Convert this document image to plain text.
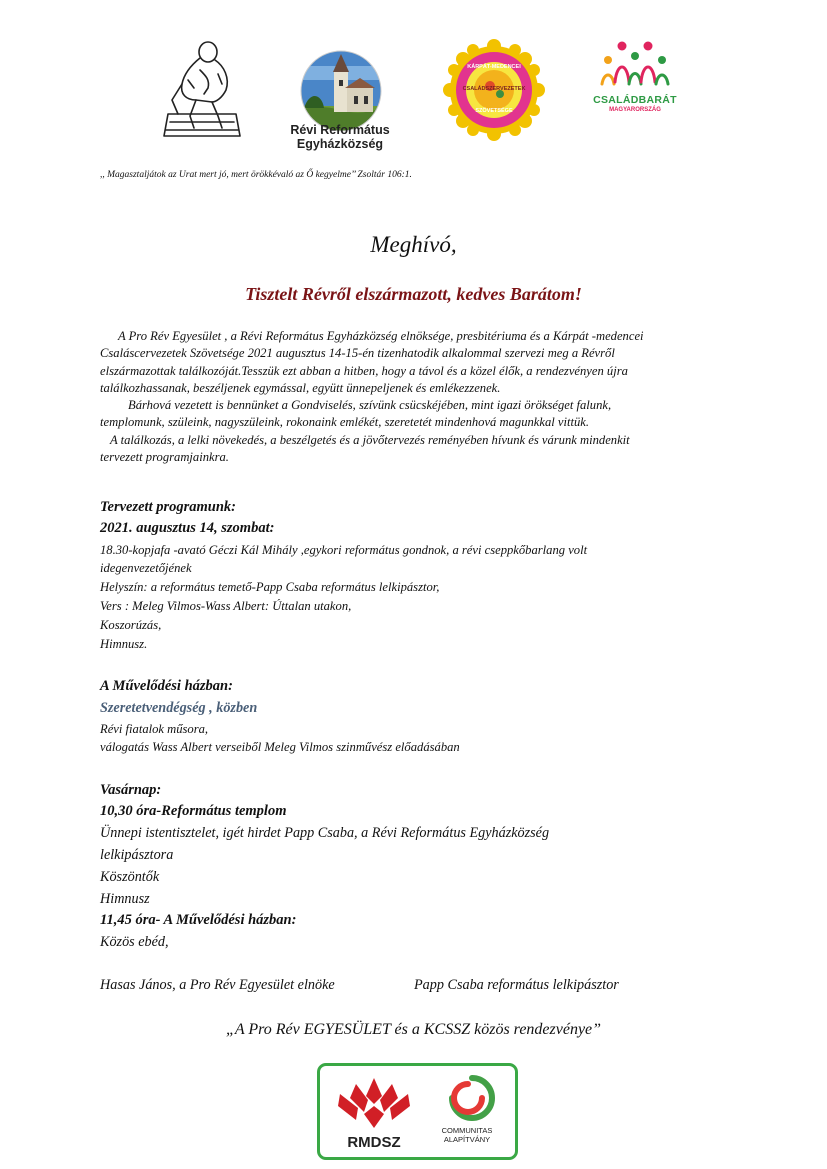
Révi Református
Egyházközség
KÁRPÁT-MEDENCEI
CSALÁDSZERVEZETEK
SZÖVETSÉGE
CSALÁDBARÁT
MAGYARORSZÁG
,, Magasztaljátok az Urat mert jó, mert örökkévaló az Ő kegyelme’’ Zsoltár 106:1.
Meghívó,
Tisztelt Révről elszármazott, kedves Barátom!

A Pro Rév Egyesület , a Révi Református Egyházközség elnöksége, presbitériuma és a Kárpát -medencei

Csaláscervezetek Szövetsége 2021 augusztus 14-15-én tizenhatodik alkalommal szervezi meg a Révről

elszármazottak találkozóját.Tesszük ezt abban a hitben, hogy a távol és a közel élők, a rendezvényen újra

találkozhassanak, beszéljenek egymással, együtt ünnepeljenek és emlékezzenek.

Bárhová vezetett is bennünket a Gondviselés, szívünk csücskéjében, mint igazi örökséget falunk,

templomunk, szüleink, nagyszüleink, rokonaink emlékét, szeretetét mindenhová magunkkal vittük.

A találkozás, a lelki növekedés, a beszélgetés és a jövőtervezés reményében hívunk és várunk mindenkit

tervezett programjainkra.

Tervezett programunk:
2021. augusztus 14, szombat:
18.30-kopjafa -avató Géczi Kál Mihály ,egykori református gondnok, a révi cseppkőbarlang volt
idegenvezetőjének
Helyszín: a református temető-Papp Csaba református lelkipásztor,
Vers : Meleg Vilmos-Wass Albert: Úttalan utakon,
Koszorúzás,
Himnusz.
A Művelődési házban:
Szeretetvendégség , közben
Révi fiatalok műsora,
válogatás Wass Albert verseiből Meleg Vilmos szinművész előadásában
Vasárnap:
10,30 óra-Református templom
Ünnepi istentisztelet, igét hirdet Papp Csaba, a Révi Református Egyházközség
lelkipásztora
Köszöntők
Himnusz
11,45 óra- A Művelődési házban:
Közös ebéd,
Hasas János, a Pro Rév Egyesület elnöke	Papp Csaba református lelkipásztor
„A Pro Rév EGYESÜLET és a KCSSZ közös rendezvénye”
RMDSZ
COMMUNITAS
ALAPÍTVÁNY
